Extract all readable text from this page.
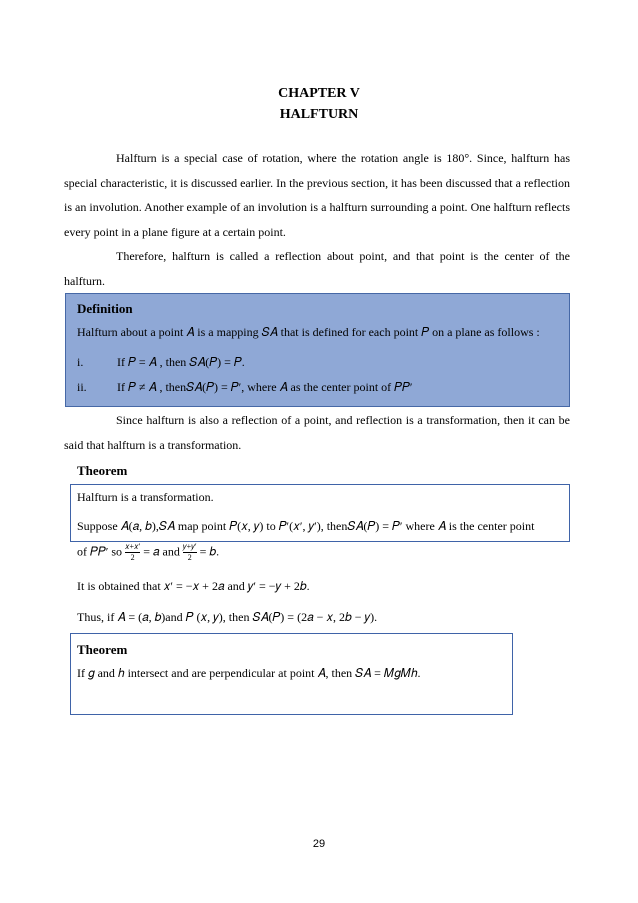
CHAPTER V
HALFTURN
Halfturn is a special case of rotation, where the rotation angle is 180°. Since, halfturn has special characteristic, it is discussed earlier. In the previous section, it has been discussed that a reflection is an involution. Another example of an involution is a halfturn surrounding a point. One halfturn reflects every point in a plane figure at a certain point.
Therefore, halfturn is called a reflection about point, and that point is the center of the halfturn.
Definition
Halfturn about a point 𝐴 is a mapping 𝑆𝐴 that is defined for each point 𝑃 on a plane as follows :
i.	If 𝑃 = 𝐴 , then 𝑆𝐴(𝑃) = 𝑃.
ii.	If 𝑃 ≠ 𝐴 , then𝑆𝐴(𝑃) = 𝑃′, where 𝐴 as the center point of 𝑃𝑃′
Since halfturn is also a reflection of a point, and reflection is a transformation, then it can be said that halfturn is a transformation.
Theorem
Halfturn is a transformation.
Suppose 𝐴(𝑎, 𝑏),𝑆𝐴 map point 𝑃(𝑥, 𝑦) to 𝑃′(𝑥′, 𝑦′), then𝑆𝐴(𝑃) = 𝑃′ where 𝐴 is the center point
of 𝑃𝑃′ so $\frac{\text{𝑥+𝑥′}}{2}$ = 𝑎 and $\frac{\text{𝑦+𝑦′}}{2}$ = 𝑏.
It is obtained that 𝑥′ = −𝑥 + 2𝑎 and 𝑦′ = −𝑦 + 2𝑏.
Thus, if 𝐴 = (𝑎, 𝑏)and 𝑃 (𝑥, 𝑦), then 𝑆𝐴(𝑃) = (2𝑎 − 𝑥, 2𝑏 − 𝑦).
Theorem
If 𝑔 and ℎ intersect and are perpendicular at point 𝐴, then 𝑆𝐴 = 𝑀𝑔𝑀ℎ.
29
